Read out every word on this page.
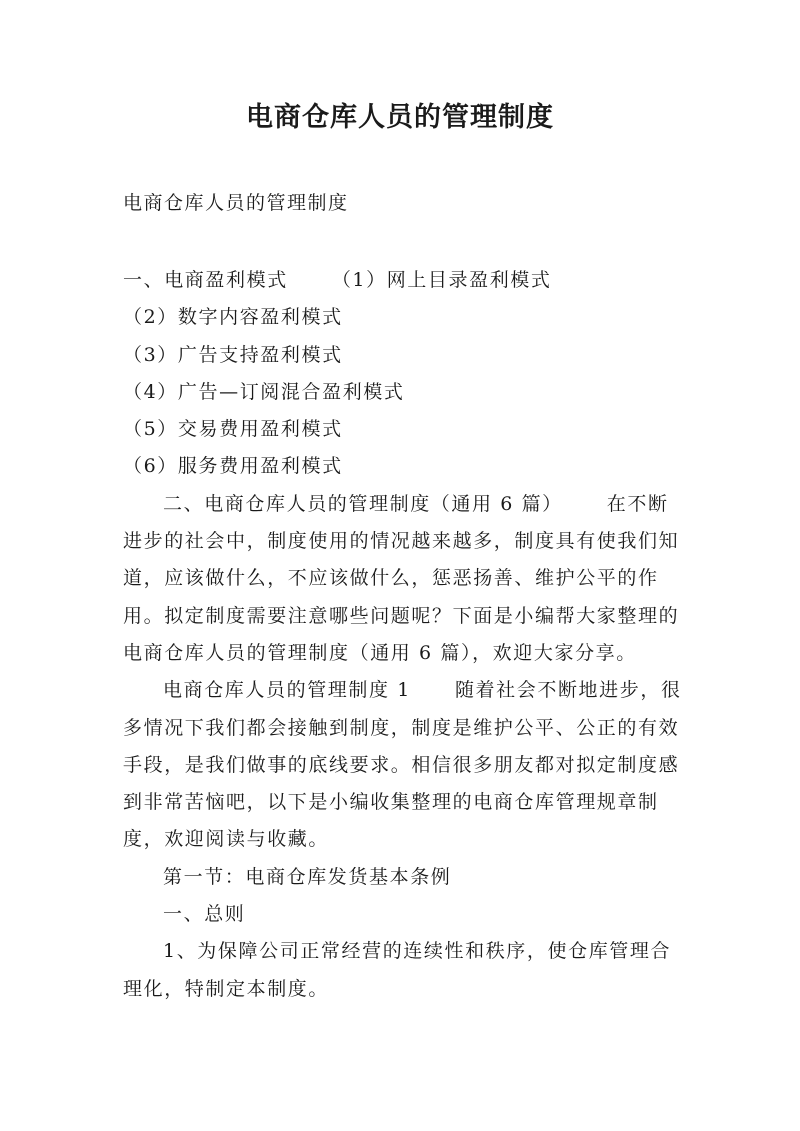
电商仓库人员的管理制度

电商仓库人员的管理制度

一、电商盈利模式 （1）网上目录盈利模式

（2）数字内容盈利模式

（3）广告支持盈利模式

（4）广告—订阅混合盈利模式

（5）交易费用盈利模式

（6）服务费用盈利模式

二、电商仓库人员的管理制度（通用 6 篇） 在不断进步的社会中，制度使用的情况越来越多，制度具有使我们知道，应该做什么，不应该做什么，惩恶扬善、维护公平的作用。拟定制度需要注意哪些问题呢？下面是小编帮大家整理的电商仓库人员的管理制度（通用 6 篇），欢迎大家分享。

电商仓库人员的管理制度 1 随着社会不断地进步，很多情况下我们都会接触到制度，制度是维护公平、公正的有效手段，是我们做事的底线要求。相信很多朋友都对拟定制度感到非常苦恼吧，以下是小编收集整理的电商仓库管理规章制度，欢迎阅读与收藏。

第一节：电商仓库发货基本条例

一、总则

1、为保障公司正常经营的连续性和秩序，使仓库管理合理化，特制定本制度。
